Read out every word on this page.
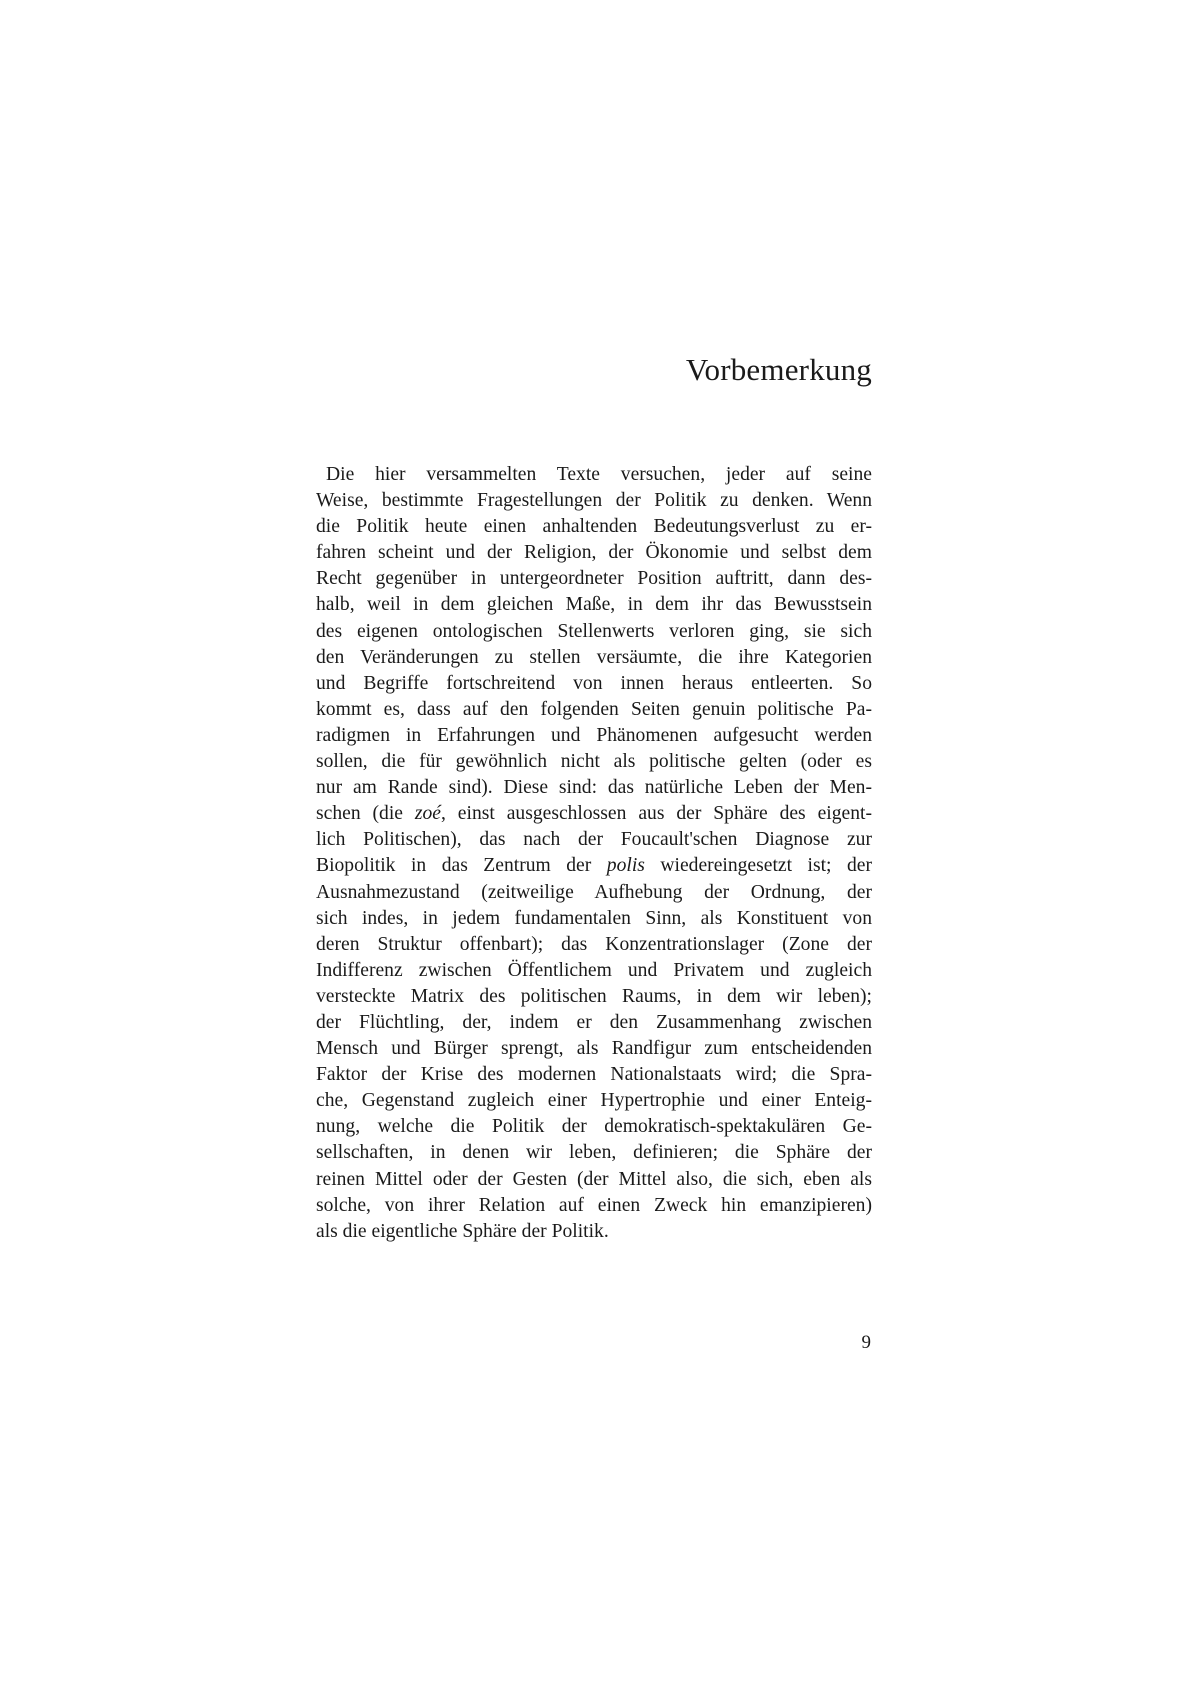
Vorbemerkung
Die hier versammelten Texte versuchen, jeder auf seine
Weise, bestimmte Fragestellungen der Politik zu denken. Wenn
die Politik heute einen anhaltenden Bedeutungsverlust zu er-
fahren scheint und der Religion, der Ökonomie und selbst dem
Recht gegenüber in untergeordneter Position auftritt, dann des-
halb, weil in dem gleichen Maße, in dem ihr das Bewusstsein
des eigenen ontologischen Stellenwerts verloren ging, sie sich
den Veränderungen zu stellen versäumte, die ihre Kategorien
und Begriffe fortschreitend von innen heraus entleerten. So
kommt es, dass auf den folgenden Seiten genuin politische Pa-
radigmen in Erfahrungen und Phänomenen aufgesucht werden
sollen, die für gewöhnlich nicht als politische gelten (oder es
nur am Rande sind). Diese sind: das natürliche Leben der Men-
schen (die zoé, einst ausgeschlossen aus der Sphäre des eigent-
lich Politischen), das nach der Foucault'schen Diagnose zur
Biopolitik in das Zentrum der polis wiedereingesetzt ist; der
Ausnahmezustand (zeitweilige Aufhebung der Ordnung, der
sich indes, in jedem fundamentalen Sinn, als Konstituent von
deren Struktur offenbart); das Konzentrationslager (Zone der
Indifferenz zwischen Öffentlichem und Privatem und zugleich
versteckte Matrix des politischen Raums, in dem wir leben);
der Flüchtling, der, indem er den Zusammenhang zwischen
Mensch und Bürger sprengt, als Randfigur zum entscheidenden
Faktor der Krise des modernen Nationalstaats wird; die Spra-
che, Gegenstand zugleich einer Hypertrophie und einer Enteig-
nung, welche die Politik der demokratisch-spektakulären Ge-
sellschaften, in denen wir leben, definieren; die Sphäre der
reinen Mittel oder der Gesten (der Mittel also, die sich, eben als
solche, von ihrer Relation auf einen Zweck hin emanzipieren)
als die eigentliche Sphäre der Politik.
9
